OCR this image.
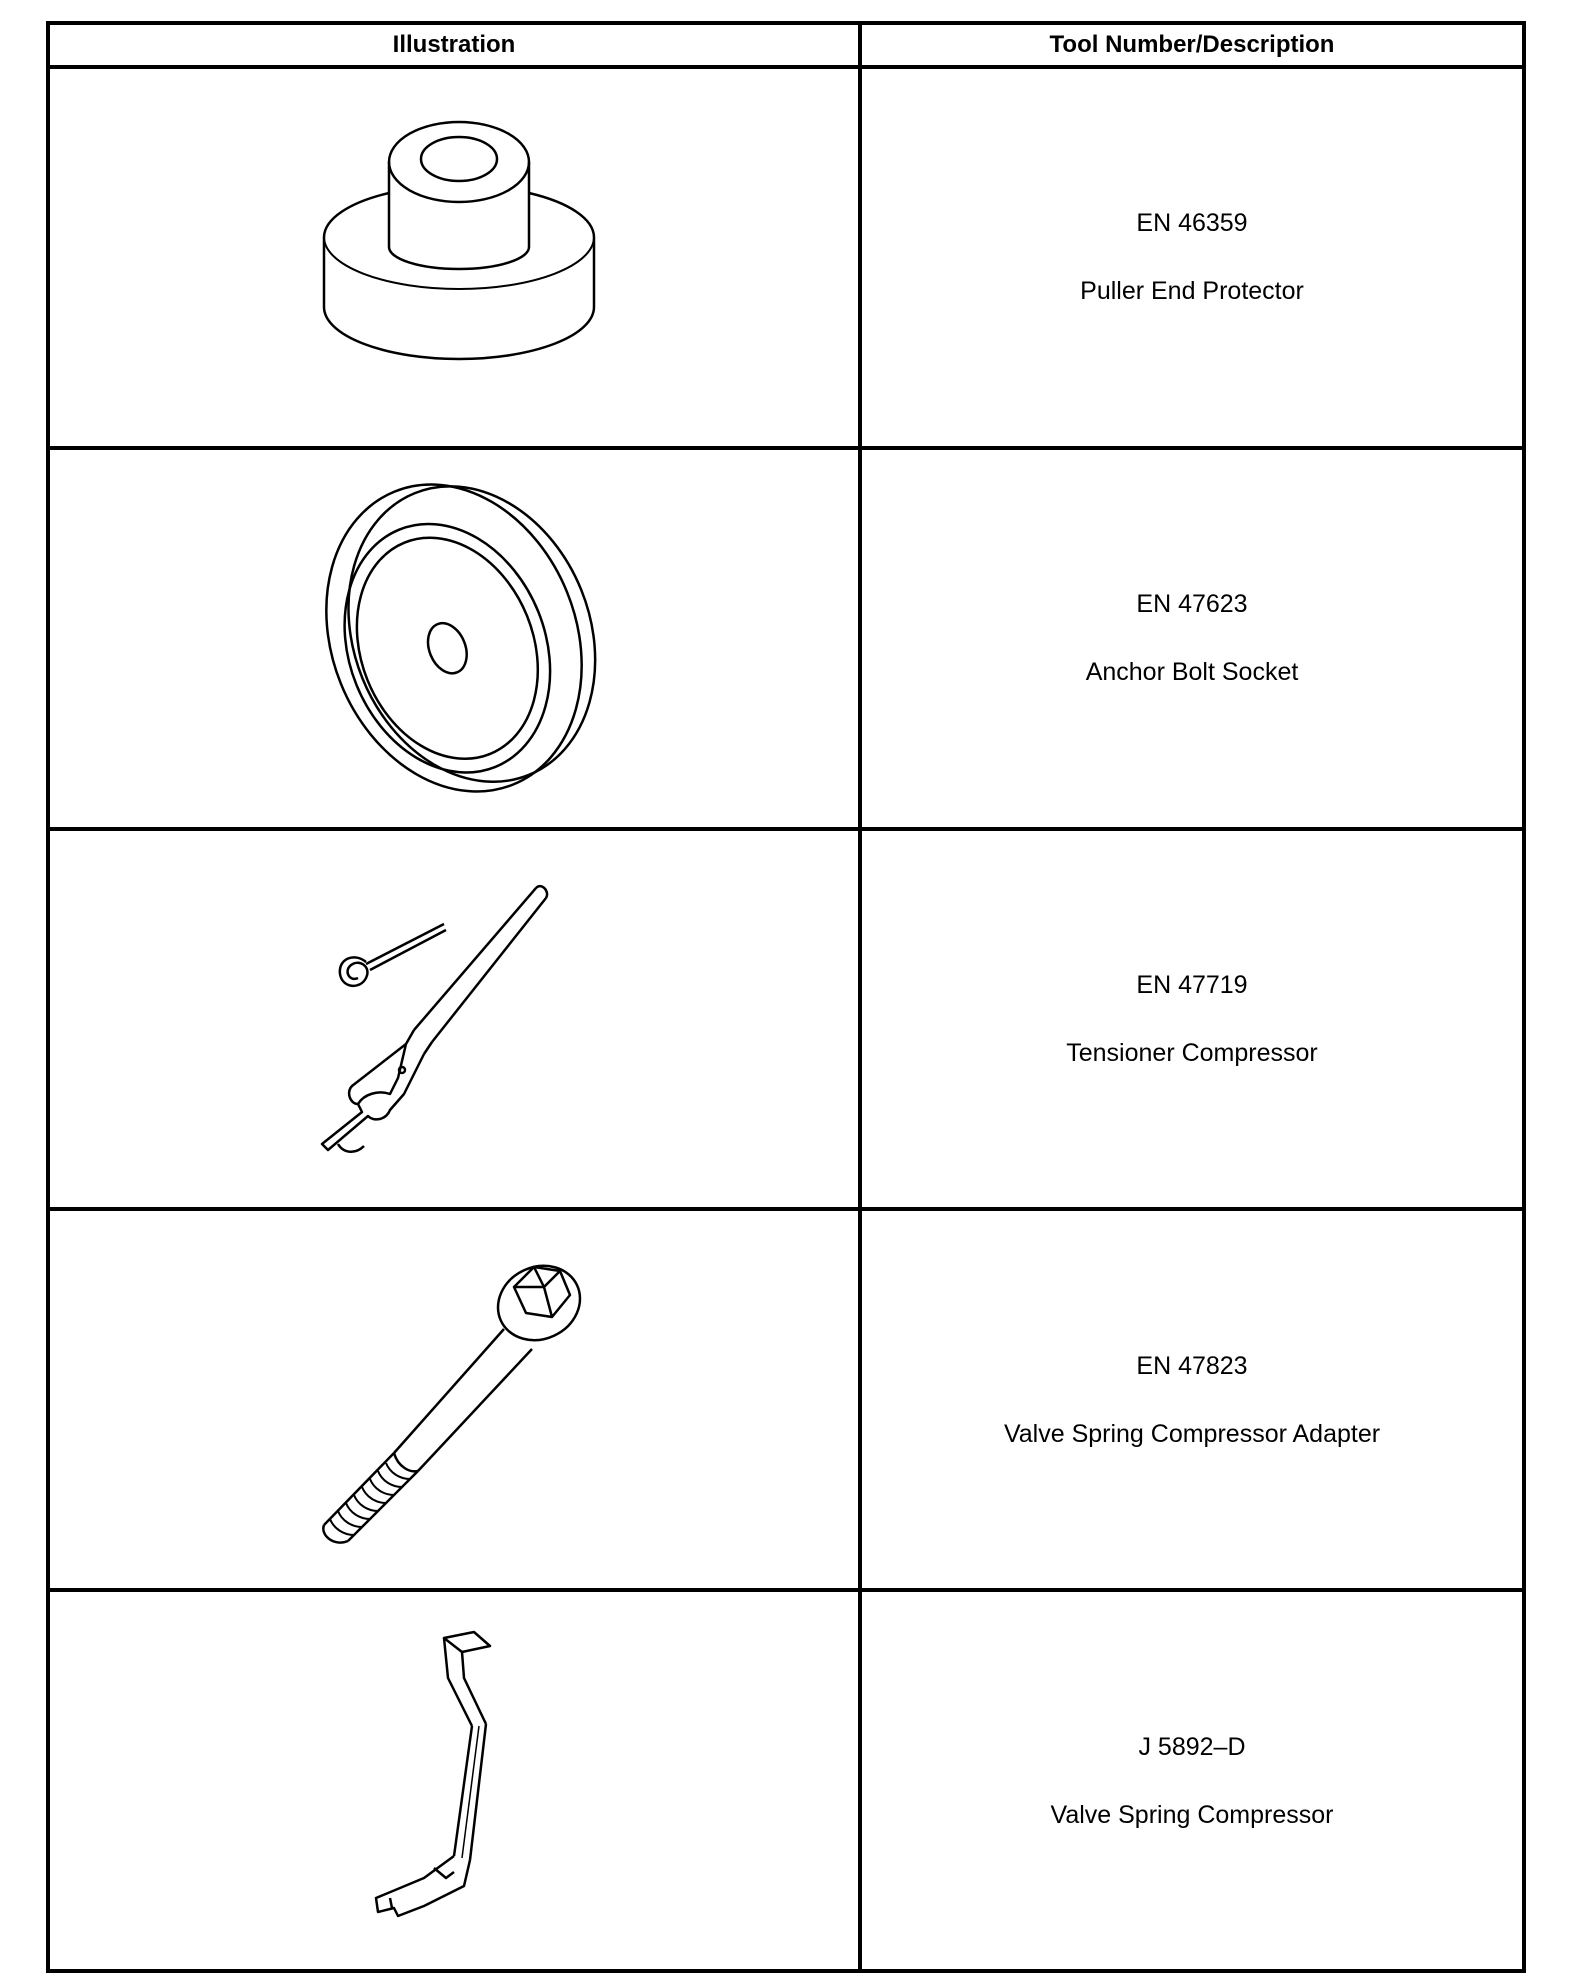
Illustration	Tool Number/Description

EN 46359
Puller End Protector

EN 47623
Anchor Bolt Socket

EN 47719
Tensioner Compressor

EN 47823
Valve Spring Compressor Adapter

J 5892–D
Valve Spring Compressor
